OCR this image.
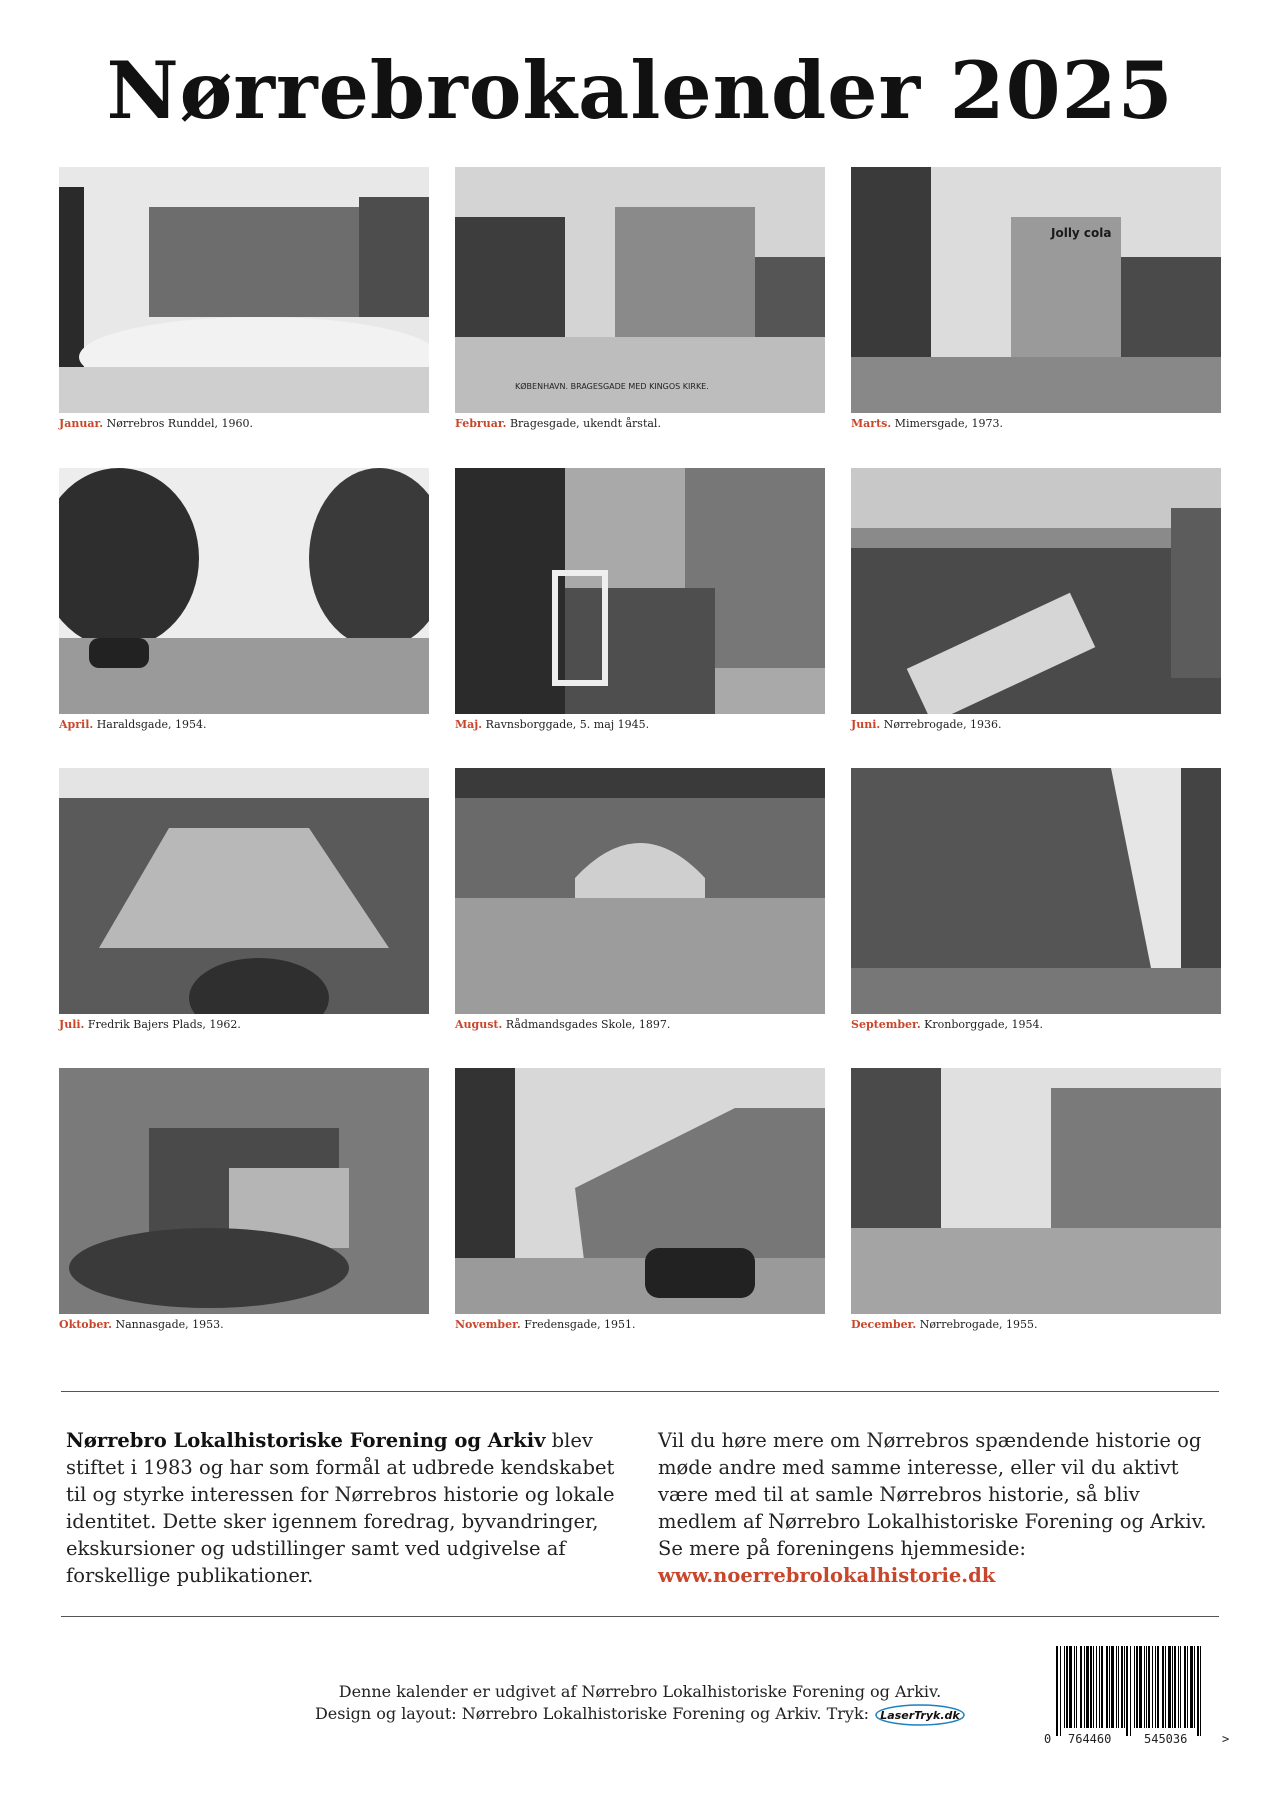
Nørrebrokalender 2025
Januar. Nørrebros Runddel, 1960.
KØBENHAVN. BRAGESGADE MED KINGOS KIRKE.
Februar. Bragesgade, ukendt årstal.
Jolly cola
Marts. Mimersgade, 1973.
April. Haraldsgade, 1954.	Maj. Ravnsborggade, 5. maj 1945.	Juni. Nørrebrogade, 1936.
Juli. Fredrik Bajers Plads, 1962.	August. Rådmandsgades Skole, 1897.	September. Kronborggade, 1954.
Oktober. Nannasgade, 1953.	November. Fredensgade, 1951.	December. Nørrebrogade, 1955.
Nørrebro Lokalhistoriske Forening og Arkiv blev stiftet i 1983 og har som formål at udbrede kendskabet til og styrke interessen for Nørrebros historie og lokale identitet. Dette sker igennem foredrag, byvandringer, ekskursioner og udstillinger samt ved udgivelse af forskellige publikationer.
Vil du høre mere om Nørrebros spændende historie og møde andre med samme interesse, eller vil du aktivt være med til at samle Nørrebros historie, så bliv medlem af Nørrebro Lokalhistoriske Forening og Arkiv. Se mere på foreningens hjemmeside: www.noerrebrolokalhistorie.dk
Denne kalender er udgivet af Nørrebro Lokalhistoriske Forening og Arkiv.
Design og layout: Nørrebro Lokalhistoriske Forening og Arkiv. Tryk: LaserTryk.dk
0 764460	545036	>
